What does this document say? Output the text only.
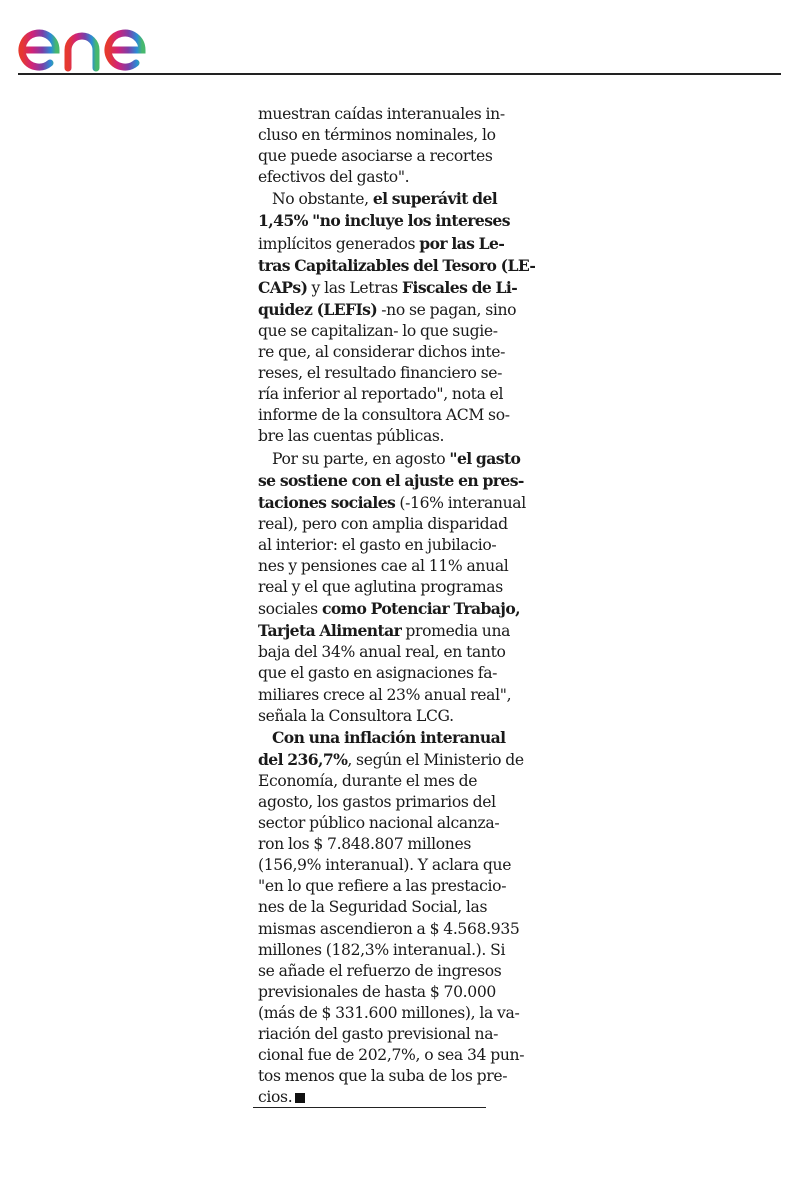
muestran caídas interanuales in-
cluso en términos nominales, lo
que puede asociarse a recortes
efectivos del gasto".

No obstante, el superávit del
1,45% "no incluye los intereses
implícitos generados por las Le-
tras Capitalizables del Tesoro (LE-
CAPs) y las Letras Fiscales de Li-
quidez (LEFIs) -no se pagan, sino
que se capitalizan- lo que sugie-
re que, al considerar dichos inte-
reses, el resultado financiero se-
ría inferior al reportado", nota el
informe de la consultora ACM so-
bre las cuentas públicas.

Por su parte, en agosto "el gasto
se sostiene con el ajuste en pres-
taciones sociales (-16% interanual
real), pero con amplia disparidad
al interior: el gasto en jubilacio-
nes y pensiones cae al 11% anual
real y el que aglutina programas
sociales como Potenciar Trabajo,
Tarjeta Alimentar promedia una
baja del 34% anual real, en tanto
que el gasto en asignaciones fa-
miliares crece al 23% anual real",
señala la Consultora LCG.

Con una inflación interanual
del 236,7%, según el Ministerio de
Economía, durante el mes de
agosto, los gastos primarios del
sector público nacional alcanza-
ron los $ 7.848.807 millones
(156,9% interanual). Y aclara que
"en lo que refiere a las prestacio-
nes de la Seguridad Social, las
mismas ascendieron a $ 4.568.935
millones (182,3% interanual.). Si
se añade el refuerzo de ingresos
previsionales de hasta $ 70.000
(más de $ 331.600 millones), la va-
riación del gasto previsional na-
cional fue de 202,7%, o sea 34 pun-
tos menos que la suba de los pre-
cios.
